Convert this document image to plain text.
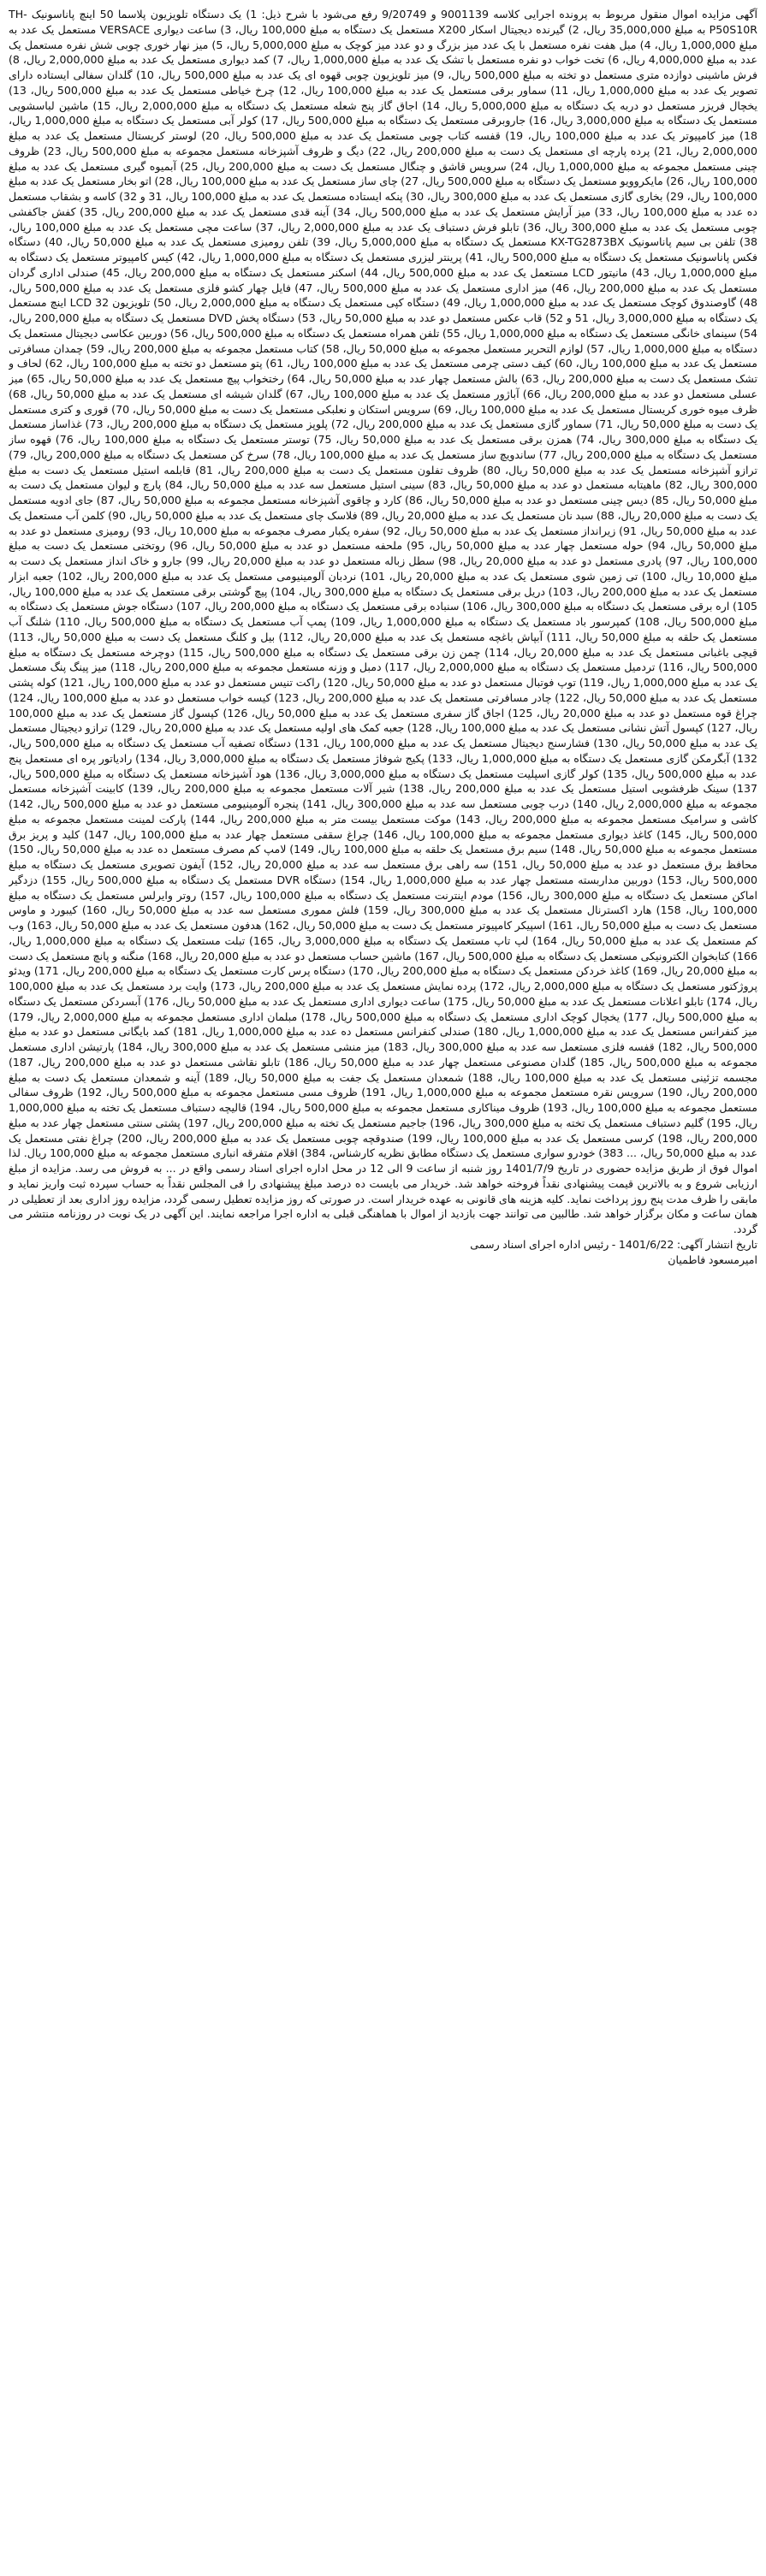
آگهی مزایده اموال منقول مربوط به پرونده اجرایی کلاسه 9001139 و 9/20749 رفع می‌شود با شرح ذیل: 1) یک دستگاه تلویزیون پلاسما 50 اینچ پاناسونیک TH-P50S10R به مبلغ 35,000,000 ریال، 2) گیرنده دیجیتال اسکار X200 مستعمل یک دستگاه به مبلغ 100,000 ریال، 3) ساعت دیواری VERSACE مستعمل یک عدد به مبلغ 1,000,000 ریال، 4) مبل هفت نفره مستعمل با یک عدد میز بزرگ و دو عدد میز کوچک به مبلغ 5,000,000 ریال، 5) میز نهار خوری چوبی شش نفره مستعمل یک عدد به مبلغ 4,000,000 ریال، 6) تخت خواب دو نفره مستعمل با تشک یک عدد به مبلغ 1,000,000 ریال، 7) کمد دیواری مستعمل یک عدد به مبلغ 2,000,000 ریال، 8) فرش ماشینی دوازده متری مستعمل دو تخته به مبلغ 500,000 ریال، 9) میز تلویزیون چوبی قهوه ای یک عدد به مبلغ 500,000 ریال، 10) گلدان سفالی ایستاده دارای تصویر یک عدد به مبلغ 1,000,000 ریال، 11) سماور برقی مستعمل یک عدد به مبلغ 100,000 ریال، 12) چرخ خیاطی مستعمل یک عدد به مبلغ 500,000 ریال، 13) یخچال فریزر مستعمل دو دربه یک دستگاه به مبلغ 5,000,000 ریال، 14) اجاق گاز پنج شعله مستعمل یک دستگاه به مبلغ 2,000,000 ریال، 15) ماشین لباسشویی مستعمل یک دستگاه به مبلغ 3,000,000 ریال، 16) جاروبرقی مستعمل یک دستگاه به مبلغ 500,000 ریال، 17) کولر آبی مستعمل یک دستگاه به مبلغ 1,000,000 ریال، 18) میز کامپیوتر یک عدد به مبلغ 100,000 ریال، 19) قفسه کتاب چوبی مستعمل یک عدد به مبلغ 500,000 ریال، 20) لوستر کریستال مستعمل یک عدد به مبلغ 2,000,000 ریال، 21) پرده پارچه ای مستعمل یک دست به مبلغ 200,000 ریال، 22) دیگ و ظروف آشپزخانه مستعمل مجموعه به مبلغ 500,000 ریال، 23) ظروف چینی مستعمل مجموعه به مبلغ 1,000,000 ریال، 24) سرویس قاشق و چنگال مستعمل یک دست به مبلغ 200,000 ریال، 25) آبمیوه گیری مستعمل یک عدد به مبلغ 100,000 ریال، 26) مایکروویو مستعمل یک دستگاه به مبلغ 500,000 ریال، 27) چای ساز مستعمل یک عدد به مبلغ 100,000 ریال، 28) اتو بخار مستعمل یک عدد به مبلغ 100,000 ریال، 29) بخاری گازی مستعمل یک عدد به مبلغ 300,000 ریال، 30) پنکه ایستاده مستعمل یک عدد به مبلغ 100,000 ریال، 31 و 32) کاسه و بشقاب مستعمل ده عدد به مبلغ 100,000 ریال، 33) میز آرایش مستعمل یک عدد به مبلغ 500,000 ریال، 34) آینه قدی مستعمل یک عدد به مبلغ 200,000 ریال، 35) کفش جاکفشی چوبی مستعمل یک عدد به مبلغ 300,000 ریال، 36) تابلو فرش دستباف یک عدد به مبلغ 2,000,000 ریال، 37) ساعت مچی مستعمل یک عدد به مبلغ 100,000 ریال، 38) تلفن بی سیم پاناسونیک KX-TG2873BX مستعمل یک دستگاه به مبلغ 5,000,000 ریال، 39) تلفن رومیزی مستعمل یک عدد به مبلغ 50,000 ریال، 40) دستگاه فکس پاناسونیک مستعمل یک دستگاه به مبلغ 500,000 ریال، 41) پرینتر لیزری مستعمل یک دستگاه به مبلغ 1,000,000 ریال، 42) کیس کامپیوتر مستعمل یک دستگاه به مبلغ 1,000,000 ریال، 43) مانیتور LCD مستعمل یک عدد به مبلغ 500,000 ریال، 44) اسکنر مستعمل یک دستگاه به مبلغ 200,000 ریال، 45) صندلی اداری گردان مستعمل یک عدد به مبلغ 200,000 ریال، 46) میز اداری مستعمل یک عدد به مبلغ 500,000 ریال، 47) فایل چهار کشو فلزی مستعمل یک عدد به مبلغ 500,000 ریال، 48) گاوصندوق کوچک مستعمل یک عدد به مبلغ 1,000,000 ریال، 49) دستگاه کپی مستعمل یک دستگاه به مبلغ 2,000,000 ریال، 50) تلویزیون LCD 32 اینچ مستعمل یک دستگاه به مبلغ 3,000,000 ریال، 51 و 52) قاب عکس مستعمل دو عدد به مبلغ 50,000 ریال، 53) دستگاه پخش DVD مستعمل یک دستگاه به مبلغ 200,000 ریال، 54) سینمای خانگی مستعمل یک دستگاه به مبلغ 1,000,000 ریال، 55) تلفن همراه مستعمل یک دستگاه به مبلغ 500,000 ریال، 56) دوربین عکاسی دیجیتال مستعمل یک دستگاه به مبلغ 1,000,000 ریال، 57) لوازم التحریر مستعمل مجموعه به مبلغ 50,000 ریال، 58) کتاب مستعمل مجموعه به مبلغ 200,000 ریال، 59) چمدان مسافرتی مستعمل یک عدد به مبلغ 100,000 ریال، 60) کیف دستی چرمی مستعمل یک عدد به مبلغ 100,000 ریال، 61) پتو مستعمل دو تخته به مبلغ 100,000 ریال، 62) لحاف و تشک مستعمل یک دست به مبلغ 200,000 ریال، 63) بالش مستعمل چهار عدد به مبلغ 50,000 ریال، 64) رختخواب پیچ مستعمل یک عدد به مبلغ 50,000 ریال، 65) میز عسلی مستعمل دو عدد به مبلغ 200,000 ریال، 66) آباژور مستعمل یک عدد به مبلغ 100,000 ریال، 67) گلدان شیشه ای مستعمل یک عدد به مبلغ 50,000 ریال، 68) ظرف میوه خوری کریستال مستعمل یک عدد به مبلغ 100,000 ریال، 69) سرویس استکان و نعلبکی مستعمل یک دست به مبلغ 50,000 ریال، 70) قوری و کتری مستعمل یک دست به مبلغ 50,000 ریال، 71) سماور گازی مستعمل یک عدد به مبلغ 200,000 ریال، 72) پلوپز مستعمل یک دستگاه به مبلغ 200,000 ریال، 73) غذاساز مستعمل یک دستگاه به مبلغ 300,000 ریال، 74) همزن برقی مستعمل یک عدد به مبلغ 50,000 ریال، 75) توستر مستعمل یک دستگاه به مبلغ 100,000 ریال، 76) قهوه ساز مستعمل یک دستگاه به مبلغ 200,000 ریال، 77) ساندویچ ساز مستعمل یک عدد به مبلغ 100,000 ریال، 78) سرخ کن مستعمل یک دستگاه به مبلغ 200,000 ریال، 79) ترازو آشپزخانه مستعمل یک عدد به مبلغ 50,000 ریال، 80) ظروف تفلون مستعمل یک دست به مبلغ 200,000 ریال، 81) قابلمه استیل مستعمل یک دست به مبلغ 300,000 ریال، 82) ماهیتابه مستعمل دو عدد به مبلغ 50,000 ریال، 83) سینی استیل مستعمل سه عدد به مبلغ 50,000 ریال، 84) پارچ و لیوان مستعمل یک دست به مبلغ 50,000 ریال، 85) دیس چینی مستعمل دو عدد به مبلغ 50,000 ریال، 86) کارد و چاقوی آشپزخانه مستعمل مجموعه به مبلغ 50,000 ریال، 87) جای ادویه مستعمل یک دست به مبلغ 20,000 ریال، 88) سبد نان مستعمل یک عدد به مبلغ 20,000 ریال، 89) فلاسک چای مستعمل یک عدد به مبلغ 50,000 ریال، 90) کلمن آب مستعمل یک عدد به مبلغ 50,000 ریال، 91) زیرانداز مستعمل یک عدد به مبلغ 50,000 ریال، 92) سفره یکبار مصرف مجموعه به مبلغ 10,000 ریال، 93) رومیزی مستعمل دو عدد به مبلغ 50,000 ریال، 94) حوله مستعمل چهار عدد به مبلغ 50,000 ریال، 95) ملحفه مستعمل دو عدد به مبلغ 50,000 ریال، 96) روتختی مستعمل یک دست به مبلغ 100,000 ریال، 97) پادری مستعمل دو عدد به مبلغ 20,000 ریال، 98) سطل زباله مستعمل دو عدد به مبلغ 20,000 ریال، 99) جارو و خاک انداز مستعمل یک دست به مبلغ 10,000 ریال، 100) تی زمین شوی مستعمل یک عدد به مبلغ 20,000 ریال، 101) نردبان آلومینیومی مستعمل یک عدد به مبلغ 200,000 ریال، 102) جعبه ابزار مستعمل یک عدد به مبلغ 200,000 ریال، 103) دریل برقی مستعمل یک دستگاه به مبلغ 300,000 ریال، 104) پیچ گوشتی برقی مستعمل یک عدد به مبلغ 100,000 ریال، 105) اره برقی مستعمل یک دستگاه به مبلغ 300,000 ریال، 106) سنباده برقی مستعمل یک دستگاه به مبلغ 200,000 ریال، 107) دستگاه جوش مستعمل یک دستگاه به مبلغ 500,000 ریال، 108) کمپرسور باد مستعمل یک دستگاه به مبلغ 1,000,000 ریال، 109) پمپ آب مستعمل یک دستگاه به مبلغ 500,000 ریال، 110) شلنگ آب مستعمل یک حلقه به مبلغ 50,000 ریال، 111) آبپاش باغچه مستعمل یک عدد به مبلغ 20,000 ریال، 112) بیل و کلنگ مستعمل یک دست به مبلغ 50,000 ریال، 113) قیچی باغبانی مستعمل یک عدد به مبلغ 20,000 ریال، 114) چمن زن برقی مستعمل یک دستگاه به مبلغ 500,000 ریال، 115) دوچرخه مستعمل یک دستگاه به مبلغ 500,000 ریال، 116) تردمیل مستعمل یک دستگاه به مبلغ 2,000,000 ریال، 117) دمبل و وزنه مستعمل مجموعه به مبلغ 200,000 ریال، 118) میز پینگ پنگ مستعمل یک عدد به مبلغ 1,000,000 ریال، 119) توپ فوتبال مستعمل دو عدد به مبلغ 50,000 ریال، 120) راکت تنیس مستعمل دو عدد به مبلغ 100,000 ریال، 121) کوله پشتی مستعمل یک عدد به مبلغ 50,000 ریال، 122) چادر مسافرتی مستعمل یک عدد به مبلغ 200,000 ریال، 123) کیسه خواب مستعمل دو عدد به مبلغ 100,000 ریال، 124) چراغ قوه مستعمل دو عدد به مبلغ 20,000 ریال، 125) اجاق گاز سفری مستعمل یک عدد به مبلغ 50,000 ریال، 126) کپسول گاز مستعمل یک عدد به مبلغ 100,000 ریال، 127) کپسول آتش نشانی مستعمل یک عدد به مبلغ 100,000 ریال، 128) جعبه کمک های اولیه مستعمل یک عدد به مبلغ 20,000 ریال، 129) ترازو دیجیتال مستعمل یک عدد به مبلغ 50,000 ریال، 130) فشارسنج دیجیتال مستعمل یک عدد به مبلغ 100,000 ریال، 131) دستگاه تصفیه آب مستعمل یک دستگاه به مبلغ 500,000 ریال، 132) آبگرمکن گازی مستعمل یک دستگاه به مبلغ 1,000,000 ریال، 133) پکیج شوفاژ مستعمل یک دستگاه به مبلغ 3,000,000 ریال، 134) رادیاتور پره ای مستعمل پنج عدد به مبلغ 500,000 ریال، 135) کولر گازی اسپلیت مستعمل یک دستگاه به مبلغ 3,000,000 ریال، 136) هود آشپزخانه مستعمل یک دستگاه به مبلغ 500,000 ریال، 137) سینک ظرفشویی استیل مستعمل یک عدد به مبلغ 200,000 ریال، 138) شیر آلات مستعمل مجموعه به مبلغ 200,000 ریال، 139) کابینت آشپزخانه مستعمل مجموعه به مبلغ 2,000,000 ریال، 140) درب چوبی مستعمل سه عدد به مبلغ 300,000 ریال، 141) پنجره آلومینیومی مستعمل دو عدد به مبلغ 500,000 ریال، 142) کاشی و سرامیک مستعمل مجموعه به مبلغ 200,000 ریال، 143) موکت مستعمل بیست متر به مبلغ 200,000 ریال، 144) پارکت لمینت مستعمل مجموعه به مبلغ 500,000 ریال، 145) کاغذ دیواری مستعمل مجموعه به مبلغ 100,000 ریال، 146) چراغ سقفی مستعمل چهار عدد به مبلغ 100,000 ریال، 147) کلید و پریز برق مستعمل مجموعه به مبلغ 50,000 ریال، 148) سیم برق مستعمل یک حلقه به مبلغ 100,000 ریال، 149) لامپ کم مصرف مستعمل ده عدد به مبلغ 50,000 ریال، 150) محافظ برق مستعمل دو عدد به مبلغ 50,000 ریال، 151) سه راهی برق مستعمل سه عدد به مبلغ 20,000 ریال، 152) آیفون تصویری مستعمل یک دستگاه به مبلغ 500,000 ریال، 153) دوربین مداربسته مستعمل چهار عدد به مبلغ 1,000,000 ریال، 154) دستگاه DVR مستعمل یک دستگاه به مبلغ 500,000 ریال، 155) دزدگیر اماکن مستعمل یک دستگاه به مبلغ 300,000 ریال، 156) مودم اینترنت مستعمل یک دستگاه به مبلغ 100,000 ریال، 157) روتر وایرلس مستعمل یک دستگاه به مبلغ 100,000 ریال، 158) هارد اکسترنال مستعمل یک عدد به مبلغ 300,000 ریال، 159) فلش مموری مستعمل سه عدد به مبلغ 50,000 ریال، 160) کیبورد و ماوس مستعمل یک دست به مبلغ 50,000 ریال، 161) اسپیکر کامپیوتر مستعمل یک دست به مبلغ 50,000 ریال، 162) هدفون مستعمل یک عدد به مبلغ 50,000 ریال، 163) وب کم مستعمل یک عدد به مبلغ 50,000 ریال، 164) لپ تاپ مستعمل یک دستگاه به مبلغ 3,000,000 ریال، 165) تبلت مستعمل یک دستگاه به مبلغ 1,000,000 ریال، 166) کتابخوان الکترونیکی مستعمل یک دستگاه به مبلغ 500,000 ریال، 167) ماشین حساب مستعمل دو عدد به مبلغ 20,000 ریال، 168) منگنه و پانچ مستعمل یک دست به مبلغ 20,000 ریال، 169) کاغذ خردکن مستعمل یک دستگاه به مبلغ 200,000 ریال، 170) دستگاه پرس کارت مستعمل یک دستگاه به مبلغ 200,000 ریال، 171) ویدئو پروژکتور مستعمل یک دستگاه به مبلغ 2,000,000 ریال، 172) پرده نمایش مستعمل یک عدد به مبلغ 200,000 ریال، 173) وایت برد مستعمل یک عدد به مبلغ 100,000 ریال، 174) تابلو اعلانات مستعمل یک عدد به مبلغ 50,000 ریال، 175) ساعت دیواری اداری مستعمل یک عدد به مبلغ 50,000 ریال، 176) آبسردکن مستعمل یک دستگاه به مبلغ 500,000 ریال، 177) یخچال کوچک اداری مستعمل یک دستگاه به مبلغ 500,000 ریال، 178) مبلمان اداری مستعمل مجموعه به مبلغ 2,000,000 ریال، 179) میز کنفرانس مستعمل یک عدد به مبلغ 1,000,000 ریال، 180) صندلی کنفرانس مستعمل ده عدد به مبلغ 1,000,000 ریال، 181) کمد بایگانی مستعمل دو عدد به مبلغ 500,000 ریال، 182) قفسه فلزی مستعمل سه عدد به مبلغ 300,000 ریال، 183) میز منشی مستعمل یک عدد به مبلغ 300,000 ریال، 184) پارتیشن اداری مستعمل مجموعه به مبلغ 500,000 ریال، 185) گلدان مصنوعی مستعمل چهار عدد به مبلغ 50,000 ریال، 186) تابلو نقاشی مستعمل دو عدد به مبلغ 200,000 ریال، 187) مجسمه تزئینی مستعمل یک عدد به مبلغ 100,000 ریال، 188) شمعدان مستعمل یک جفت به مبلغ 50,000 ریال، 189) آینه و شمعدان مستعمل یک دست به مبلغ 200,000 ریال، 190) سرویس نقره مستعمل مجموعه به مبلغ 1,000,000 ریال، 191) ظروف مسی مستعمل مجموعه به مبلغ 500,000 ریال، 192) ظروف سفالی مستعمل مجموعه به مبلغ 100,000 ریال، 193) ظروف میناکاری مستعمل مجموعه به مبلغ 500,000 ریال، 194) قالیچه دستباف مستعمل یک تخته به مبلغ 1,000,000 ریال، 195) گلیم دستباف مستعمل یک تخته به مبلغ 300,000 ریال، 196) جاجیم مستعمل یک تخته به مبلغ 200,000 ریال، 197) پشتی سنتی مستعمل چهار عدد به مبلغ 200,000 ریال، 198) کرسی مستعمل یک عدد به مبلغ 100,000 ریال، 199) صندوقچه چوبی مستعمل یک عدد به مبلغ 200,000 ریال، 200) چراغ نفتی مستعمل یک عدد به مبلغ 50,000 ریال، ... 383) خودرو سواری مستعمل یک دستگاه مطابق نظریه کارشناس، 384) اقلام متفرقه انباری مستعمل مجموعه به مبلغ 100,000 ریال. لذا اموال فوق از طریق مزایده حضوری در تاریخ 1401/7/9 روز شنبه از ساعت 9 الی 12 در محل اداره اجرای اسناد رسمی واقع در ... به فروش می رسد. مزایده از مبلغ ارزیابی شروع و به بالاترین قیمت پیشنهادی نقداً فروخته خواهد شد. خریدار می بایست ده درصد مبلغ پیشنهادی را فی المجلس نقداً به حساب سپرده ثبت واریز نماید و مابقی را ظرف مدت پنج روز پرداخت نماید. کلیه هزینه های قانونی به عهده خریدار است. در صورتی که روز مزایده تعطیل رسمی گردد، مزایده روز اداری بعد از تعطیلی در همان ساعت و مکان برگزار خواهد شد. طالبین می توانند جهت بازدید از اموال با هماهنگی قبلی به اداره اجرا مراجعه نمایند. این آگهی در یک نوبت در روزنامه منتشر می گردد.
تاریخ انتشار آگهی: 1401/6/22 - رئیس اداره اجرای اسناد رسمی
امیرمسعود فاطمیان
